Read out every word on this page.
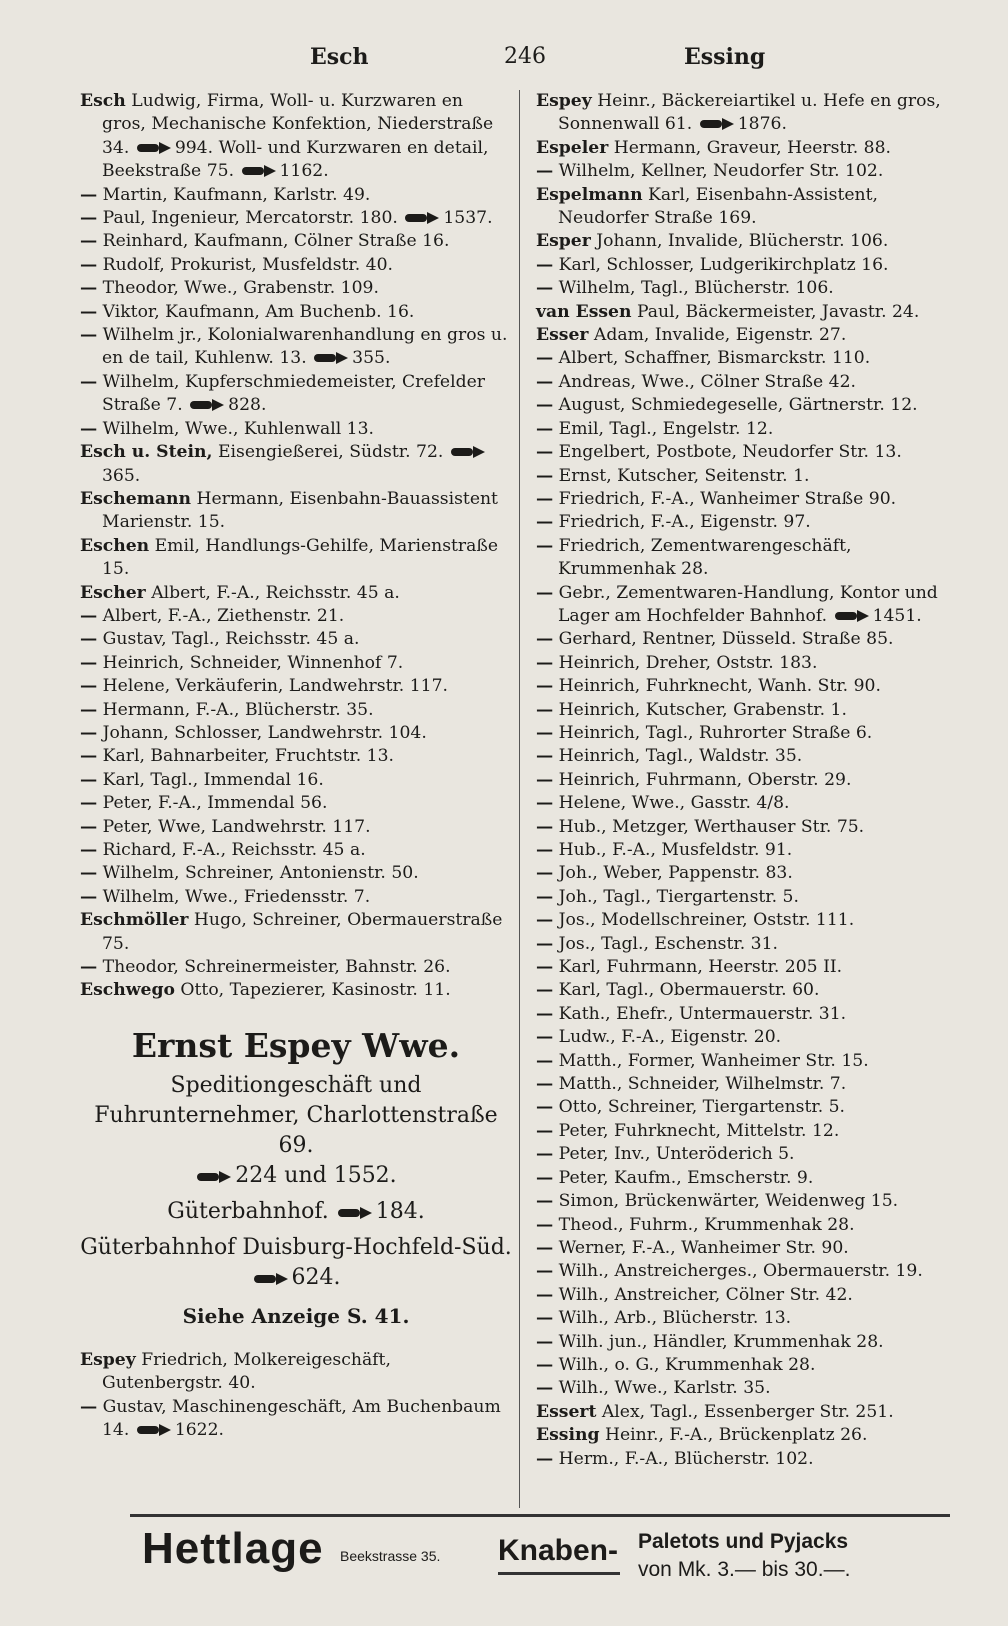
Esch	246	Essing
Esch Ludwig, Firma, Woll- u. Kurzwaren en gros, Mechanische Konfektion, Niederstraße 34.	994. Woll- und Kurzwaren en detail, Beekstraße 75.	1162.
— Martin, Kaufmann, Karlstr. 49.
— Paul, Ingenieur, Mercatorstr. 180.	1537.
— Reinhard, Kaufmann, Cölner Straße 16.
— Rudolf, Prokurist, Musfeldstr. 40.
— Theodor, Wwe., Grabenstr. 109.
— Viktor, Kaufmann, Am Buchenb. 16.
— Wilhelm jr., Kolonialwarenhandlung en gros u. en de tail, Kuhlenw. 13.	355.
— Wilhelm, Kupferschmiedemeister, Crefelder Straße 7.	828.
— Wilhelm, Wwe., Kuhlenwall 13.
Esch u. Stein, Eisengießerei, Südstr. 72. 365.
Eschemann Hermann, Eisenbahn-Bauassistent Marienstr. 15.
Eschen Emil, Handlungs-Gehilfe, Marienstraße 15.
Escher Albert, F.-A., Reichsstr. 45 a.
— Albert, F.-A., Ziethenstr. 21.
— Gustav, Tagl., Reichsstr. 45 a.
— Heinrich, Schneider, Winnenhof 7.
— Helene, Verkäuferin, Landwehrstr. 117.
— Hermann, F.-A., Blücherstr. 35.
— Johann, Schlosser, Landwehrstr. 104.
— Karl, Bahnarbeiter, Fruchtstr. 13.
— Karl, Tagl., Immendal 16.
— Peter, F.-A., Immendal 56.
— Peter, Wwe, Landwehrstr. 117.
— Richard, F.-A., Reichsstr. 45 a.
— Wilhelm, Schreiner, Antonienstr. 50.
— Wilhelm, Wwe., Friedensstr. 7.
Eschmöller Hugo, Schreiner, Obermauerstraße 75.
— Theodor, Schreinermeister, Bahnstr. 26.
Eschwego Otto, Tapezierer, Kasinostr. 11.
Ernst Espey Wwe.
Speditiongeschäft und Fuhrunternehmer, Charlottenstraße 69.
224 und 1552.
Güterbahnhof. 184.
Güterbahnhof Duisburg-Hochfeld-Süd. 624.
Siehe Anzeige S. 41.
Espey Friedrich, Molkereigeschäft, Gutenbergstr. 40.
— Gustav, Maschinengeschäft, Am Buchenbaum 14.	1622.
Espey Heinr., Bäckereiartikel u. Hefe en gros, Sonnenwall 61.	1876.
Espeler Hermann, Graveur, Heerstr. 88.
— Wilhelm, Kellner, Neudorfer Str. 102.
Espelmann Karl, Eisenbahn-Assistent, Neudorfer Straße 169.
Esper Johann, Invalide, Blücherstr. 106.
— Karl, Schlosser, Ludgerikirchplatz 16.
— Wilhelm, Tagl., Blücherstr. 106.
van Essen Paul, Bäckermeister, Javastr. 24.
Esser Adam, Invalide, Eigenstr. 27.
— Albert, Schaffner, Bismarckstr. 110.
— Andreas, Wwe., Cölner Straße 42.
— August, Schmiedegeselle, Gärtnerstr. 12.
— Emil, Tagl., Engelstr. 12.
— Engelbert, Postbote, Neudorfer Str. 13.
— Ernst, Kutscher, Seitenstr. 1.
— Friedrich, F.-A., Wanheimer Straße 90.
— Friedrich, F.-A., Eigenstr. 97.
— Friedrich, Zementwarengeschäft, Krummenhak 28.
— Gebr., Zementwaren-Handlung, Kontor und Lager am Hochfelder Bahnhof.	1451.
— Gerhard, Rentner, Düsseld. Straße 85.
— Heinrich, Dreher, Oststr. 183.
— Heinrich, Fuhrknecht, Wanh. Str. 90.
— Heinrich, Kutscher, Grabenstr. 1.
— Heinrich, Tagl., Ruhrorter Straße 6.
— Heinrich, Tagl., Waldstr. 35.
— Heinrich, Fuhrmann, Oberstr. 29.
— Helene, Wwe., Gasstr. 4/8.
— Hub., Metzger, Werthauser Str. 75.
— Hub., F.-A., Musfeldstr. 91.
— Joh., Weber, Pappenstr. 83.
— Joh., Tagl., Tiergartenstr. 5.
— Jos., Modellschreiner, Oststr. 111.
— Jos., Tagl., Eschenstr. 31.
— Karl, Fuhrmann, Heerstr. 205 II.
— Karl, Tagl., Obermauerstr. 60.
— Kath., Ehefr., Untermauerstr. 31.
— Ludw., F.-A., Eigenstr. 20.
— Matth., Former, Wanheimer Str. 15.
— Matth., Schneider, Wilhelmstr. 7.
— Otto, Schreiner, Tiergartenstr. 5.
— Peter, Fuhrknecht, Mittelstr. 12.
— Peter, Inv., Unteröderich 5.
— Peter, Kaufm., Emscherstr. 9.
— Simon, Brückenwärter, Weidenweg 15.
— Theod., Fuhrm., Krummenhak 28.
— Werner, F.-A., Wanheimer Str. 90.
— Wilh., Anstreicherges., Obermauerstr. 19.
— Wilh., Anstreicher, Cölner Str. 42.
— Wilh., Arb., Blücherstr. 13.
— Wilh. jun., Händler, Krummenhak 28.
— Wilh., o. G., Krummenhak 28.
— Wilh., Wwe., Karlstr. 35.
Essert Alex, Tagl., Essenberger Str. 251.
Essing Heinr., F.-A., Brückenplatz 26.
— Herm., F.-A., Blücherstr. 102.
Hettlage Beekstrasse 35. Knaben- Paletots und Pyjacks
von Mk. 3.— bis 30.—.
